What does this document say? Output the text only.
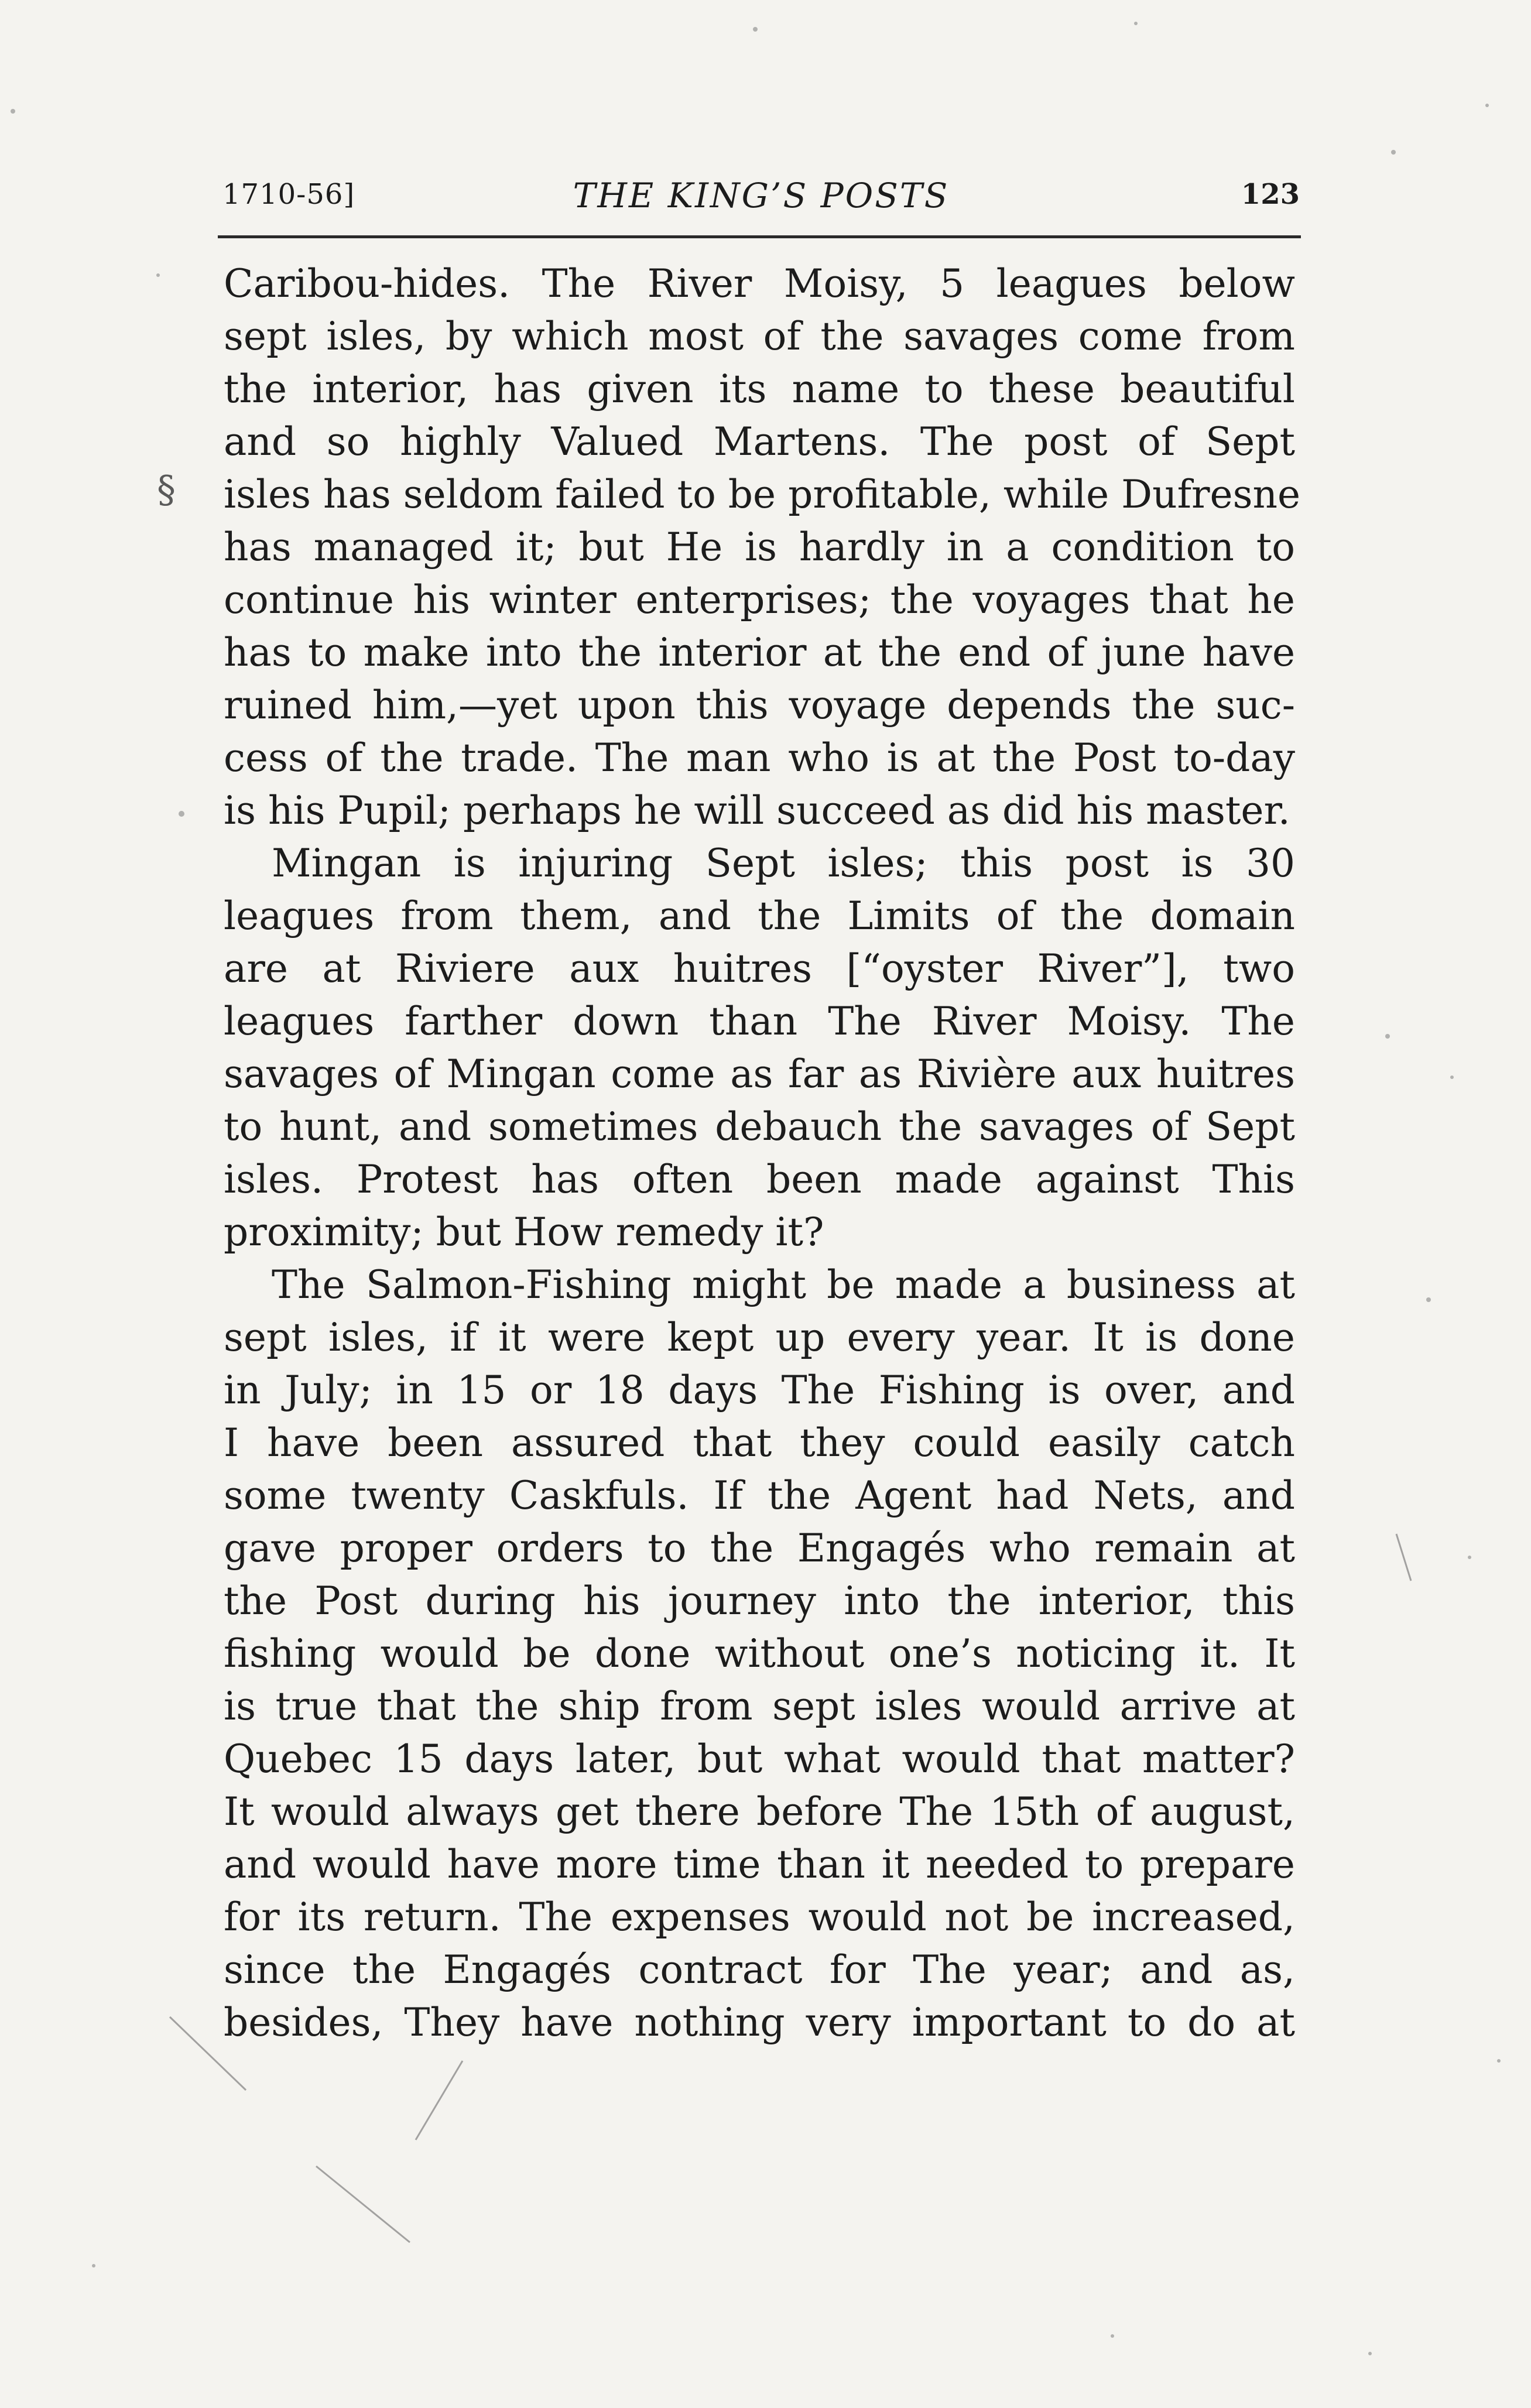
1710-56]	THE KING’S POSTS	123
§
Caribou-hides. The River Moisy, 5 leagues below
sept isles, by which most of the savages come from
the interior, has given its name to these beautiful
and so highly Valued Martens. The post of Sept
isles has seldom failed to be profitable, while Dufresne
has managed it; but He is hardly in a condition to
continue his winter enterprises; the voyages that he
has to make into the interior at the end of june have
ruined him,—yet upon this voyage depends the suc-
cess of the trade. The man who is at the Post to-day
is his Pupil; perhaps he will succeed as did his master.
Mingan is injuring Sept isles; this post is 30
leagues from them, and the Limits of the domain
are at Riviere aux huitres [“oyster River”], two
leagues farther down than The River Moisy. The
savages of Mingan come as far as Rivière aux huitres
to hunt, and sometimes debauch the savages of Sept
isles. Protest has often been made against This
proximity; but How remedy it?
The Salmon-Fishing might be made a business at
sept isles, if it were kept up every year. It is done
in July; in 15 or 18 days The Fishing is over, and
I have been assured that they could easily catch
some twenty Caskfuls. If the Agent had Nets, and
gave proper orders to the Engagés who remain at
the Post during his journey into the interior, this
fishing would be done without one’s noticing it. It
is true that the ship from sept isles would arrive at
Quebec 15 days later, but what would that matter?
It would always get there before The 15th of august,
and would have more time than it needed to prepare
for its return. The expenses would not be increased,
since the Engagés contract for The year; and as,
besides, They have nothing very important to do at
